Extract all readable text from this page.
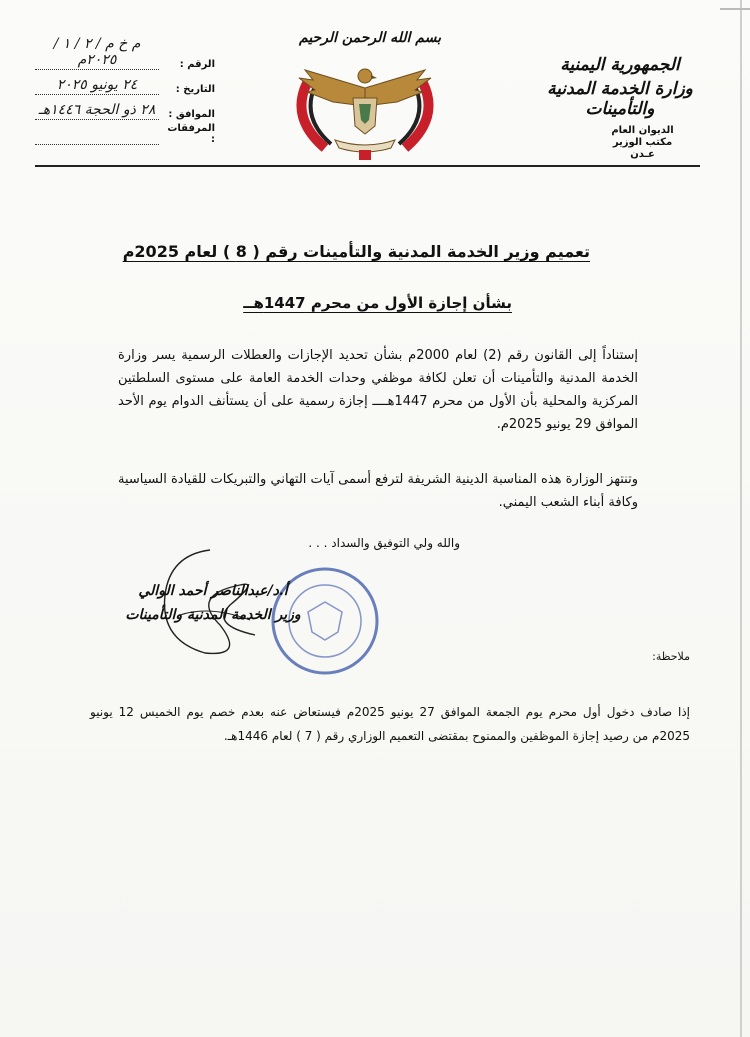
الجمهورية اليمنية

وزارة الخدمة المدنية والتأمينات

الديوان العام

مكتب الوزير

عـدن

بسم الله الرحمن الرحيم
الرقم :
م خ م / ٢ / ١ / ٢٠٢٥م
التاريخ :
٢٤ يونيو ٢٠٢٥
الموافق :
٢٨ ذو الحجة ١٤٤٦هـ
المرفقات :
تعميم وزير الخدمة المدنية والتأمينات رقم ( 8 ) لعام 2025م
بشأن إجازة الأول من محرم 1447هــ

إستناداً إلى القانون رقم (2) لعام 2000م بشأن تحديد الإجازات والعطلات الرسمية يسر وزارة الخدمة المدنية والتأمينات أن تعلن لكافة موظفي وحدات الخدمة العامة على مستوى السلطتين المركزية والمحلية بأن الأول من محرم 1447هــــ إجازة رسمية على أن يستأنف الدوام يوم الأحد الموافق 29 يونيو 2025م.

وتنتهز الوزارة هذه المناسبة الدينية الشريفة لترفع أسمى آيات التهاني والتبريكات للقيادة السياسية وكافة أبناء الشعب اليمني.

والله ولي التوفيق والسداد . . .

أ.د/عبدالناصر أحمد الوالي

وزير الخدمة المدنية والتأمينات

ملاحظة:

إذا صادف دخول أول محرم يوم الجمعة الموافق 27 يونيو 2025م فيستعاض عنه بعدم خصم يوم الخميس 12 يونيو 2025م من رصيد إجازة الموظفين والممنوح بمقتضى التعميم الوزاري رقم ( 7 ) لعام 1446هـ.
